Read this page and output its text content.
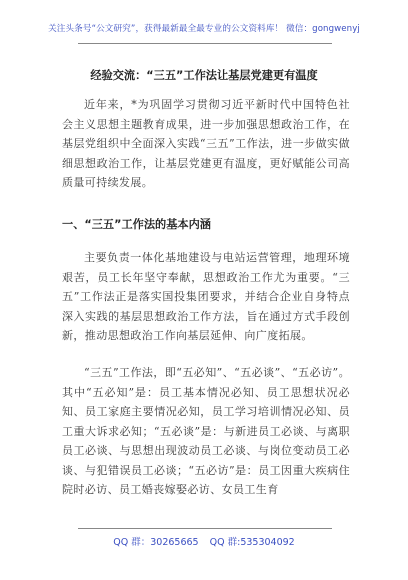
关注头条号“公文研究”，获得最新最全最专业的公文资料库！ 微信：gongwenyj
经验交流：“三五”工作法让基层党建更有温度
近年来，*为巩固学习贯彻习近平新时代中国特色社会主义思想主题教育成果，进一步加强思想政治工作，在基层党组织中全面深入实践“三五”工作法，进一步做实做细思想政治工作，让基层党建更有温度，更好赋能公司高质量可持续发展。
一、“三五”工作法的基本内涵
主要负责一体化基地建设与电站运营管理，地理环境艰苦，员工长年坚守奉献，思想政治工作尤为重要。“三五”工作法正是落实国投集团要求，并结合企业自身特点深入实践的基层思想政治工作方法，旨在通过方式手段创新，推动思想政治工作向基层延伸、向广度拓展。
“三五”工作法，即“五必知”、“五必谈”、“五必访”。其中“五必知”是：员工基本情况必知、员工思想状况必知、员工家庭主要情况必知，员工学习培训情况必知、员工重大诉求必知；“五必谈”是：与新进员工必谈、与离职员工必谈、与思想出现波动员工必谈、与岗位变动员工必谈、与犯错误员工必谈；“五必访”是：员工因重大疾病住院时必访、员工婚丧嫁娶必访、女员工生育
QQ 群：30265665 QQ 群:535304092
